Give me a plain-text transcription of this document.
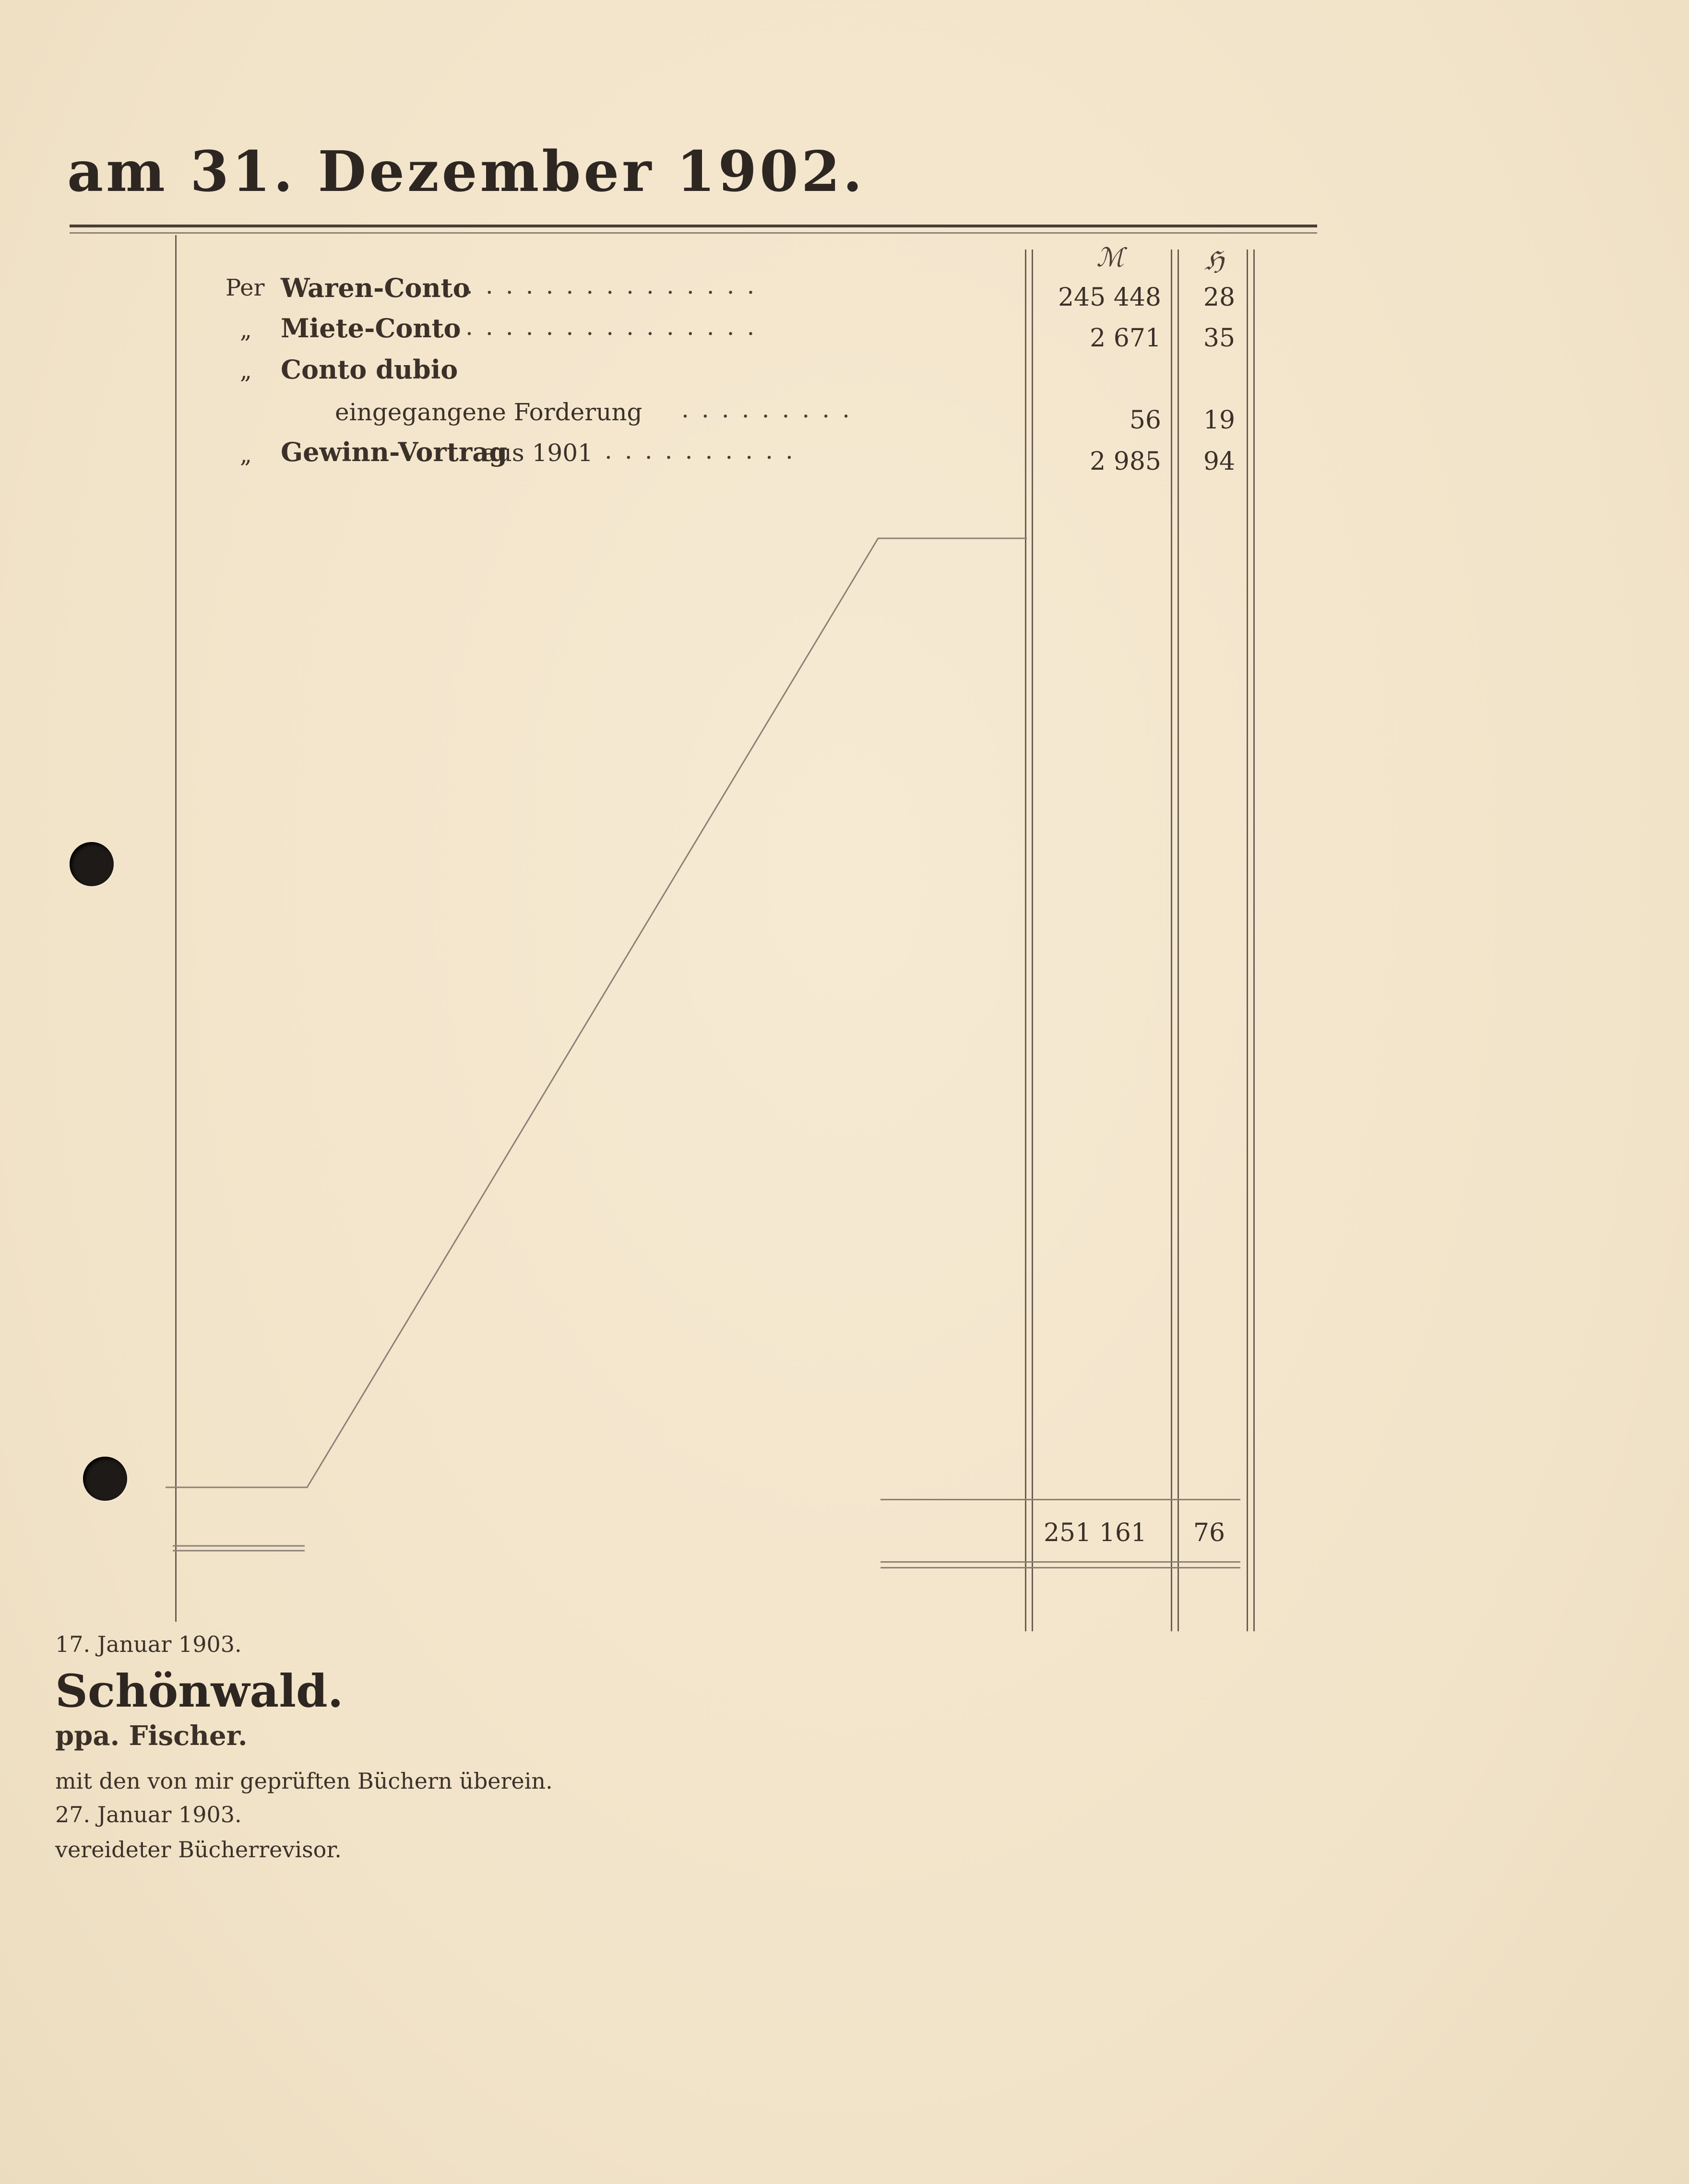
am 31. Dezember 1902.
ℳ	ℌ
Per Waren-Conto
...............	245 448	28
„ Miete-Conto ...............	2 671	35
„ Conto dubio
eingegangene Forderung .........	56	19
„ Gewinn-Vortrag
aus 1901 ..........	2 985	94
251 161	76
17. Januar 1903.
Schönwald.
ppa. Fischer.
mit den von mir geprüften Büchern überein.
27. Januar 1903.
vereideter Bücherrevisor.
